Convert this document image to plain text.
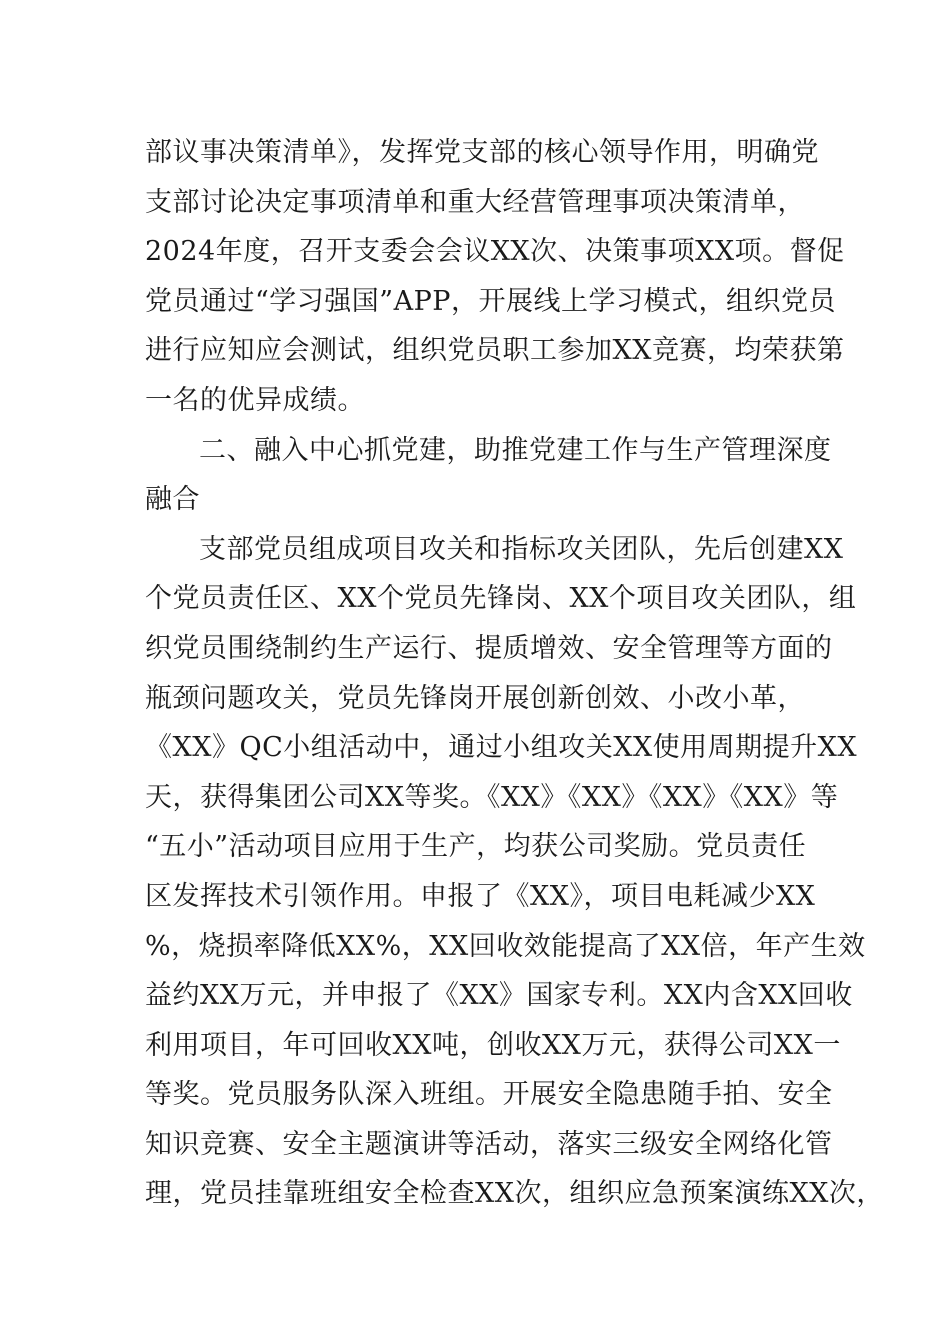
部议事决策清单》，发挥党支部的核心领导作用，明确党
支部讨论决定事项清单和重大经营管理事项决策清单，
2024年度，召开支委会会议XX次、决策事项XX项。督促
党员通过“学习强国”APP，开展线上学习模式，组织党员
进行应知应会测试，组织党员职工参加XX竞赛，均荣获第
一名的优异成绩。
二、融入中心抓党建，助推党建工作与生产管理深度
融合
支部党员组成项目攻关和指标攻关团队，先后创建XX
个党员责任区、XX个党员先锋岗、XX个项目攻关团队，组
织党员围绕制约生产运行、提质增效、安全管理等方面的
瓶颈问题攻关，党员先锋岗开展创新创效、小改小革，
《XX》QC小组活动中，通过小组攻关XX使用周期提升XX
天，获得集团公司XX等奖。《XX》《XX》《XX》《XX》等
“五小”活动项目应用于生产，均获公司奖励。党员责任
区发挥技术引领作用。申报了《XX》，项目电耗减少XX
%，烧损率降低XX%，XX回收效能提高了XX倍，年产生效
益约XX万元，并申报了《XX》国家专利。XX内含XX回收
利用项目，年可回收XX吨，创收XX万元，获得公司XX一
等奖。党员服务队深入班组。开展安全隐患随手拍、安全
知识竞赛、安全主题演讲等活动，落实三级安全网络化管
理，党员挂靠班组安全检查XX次，组织应急预案演练XX次，
